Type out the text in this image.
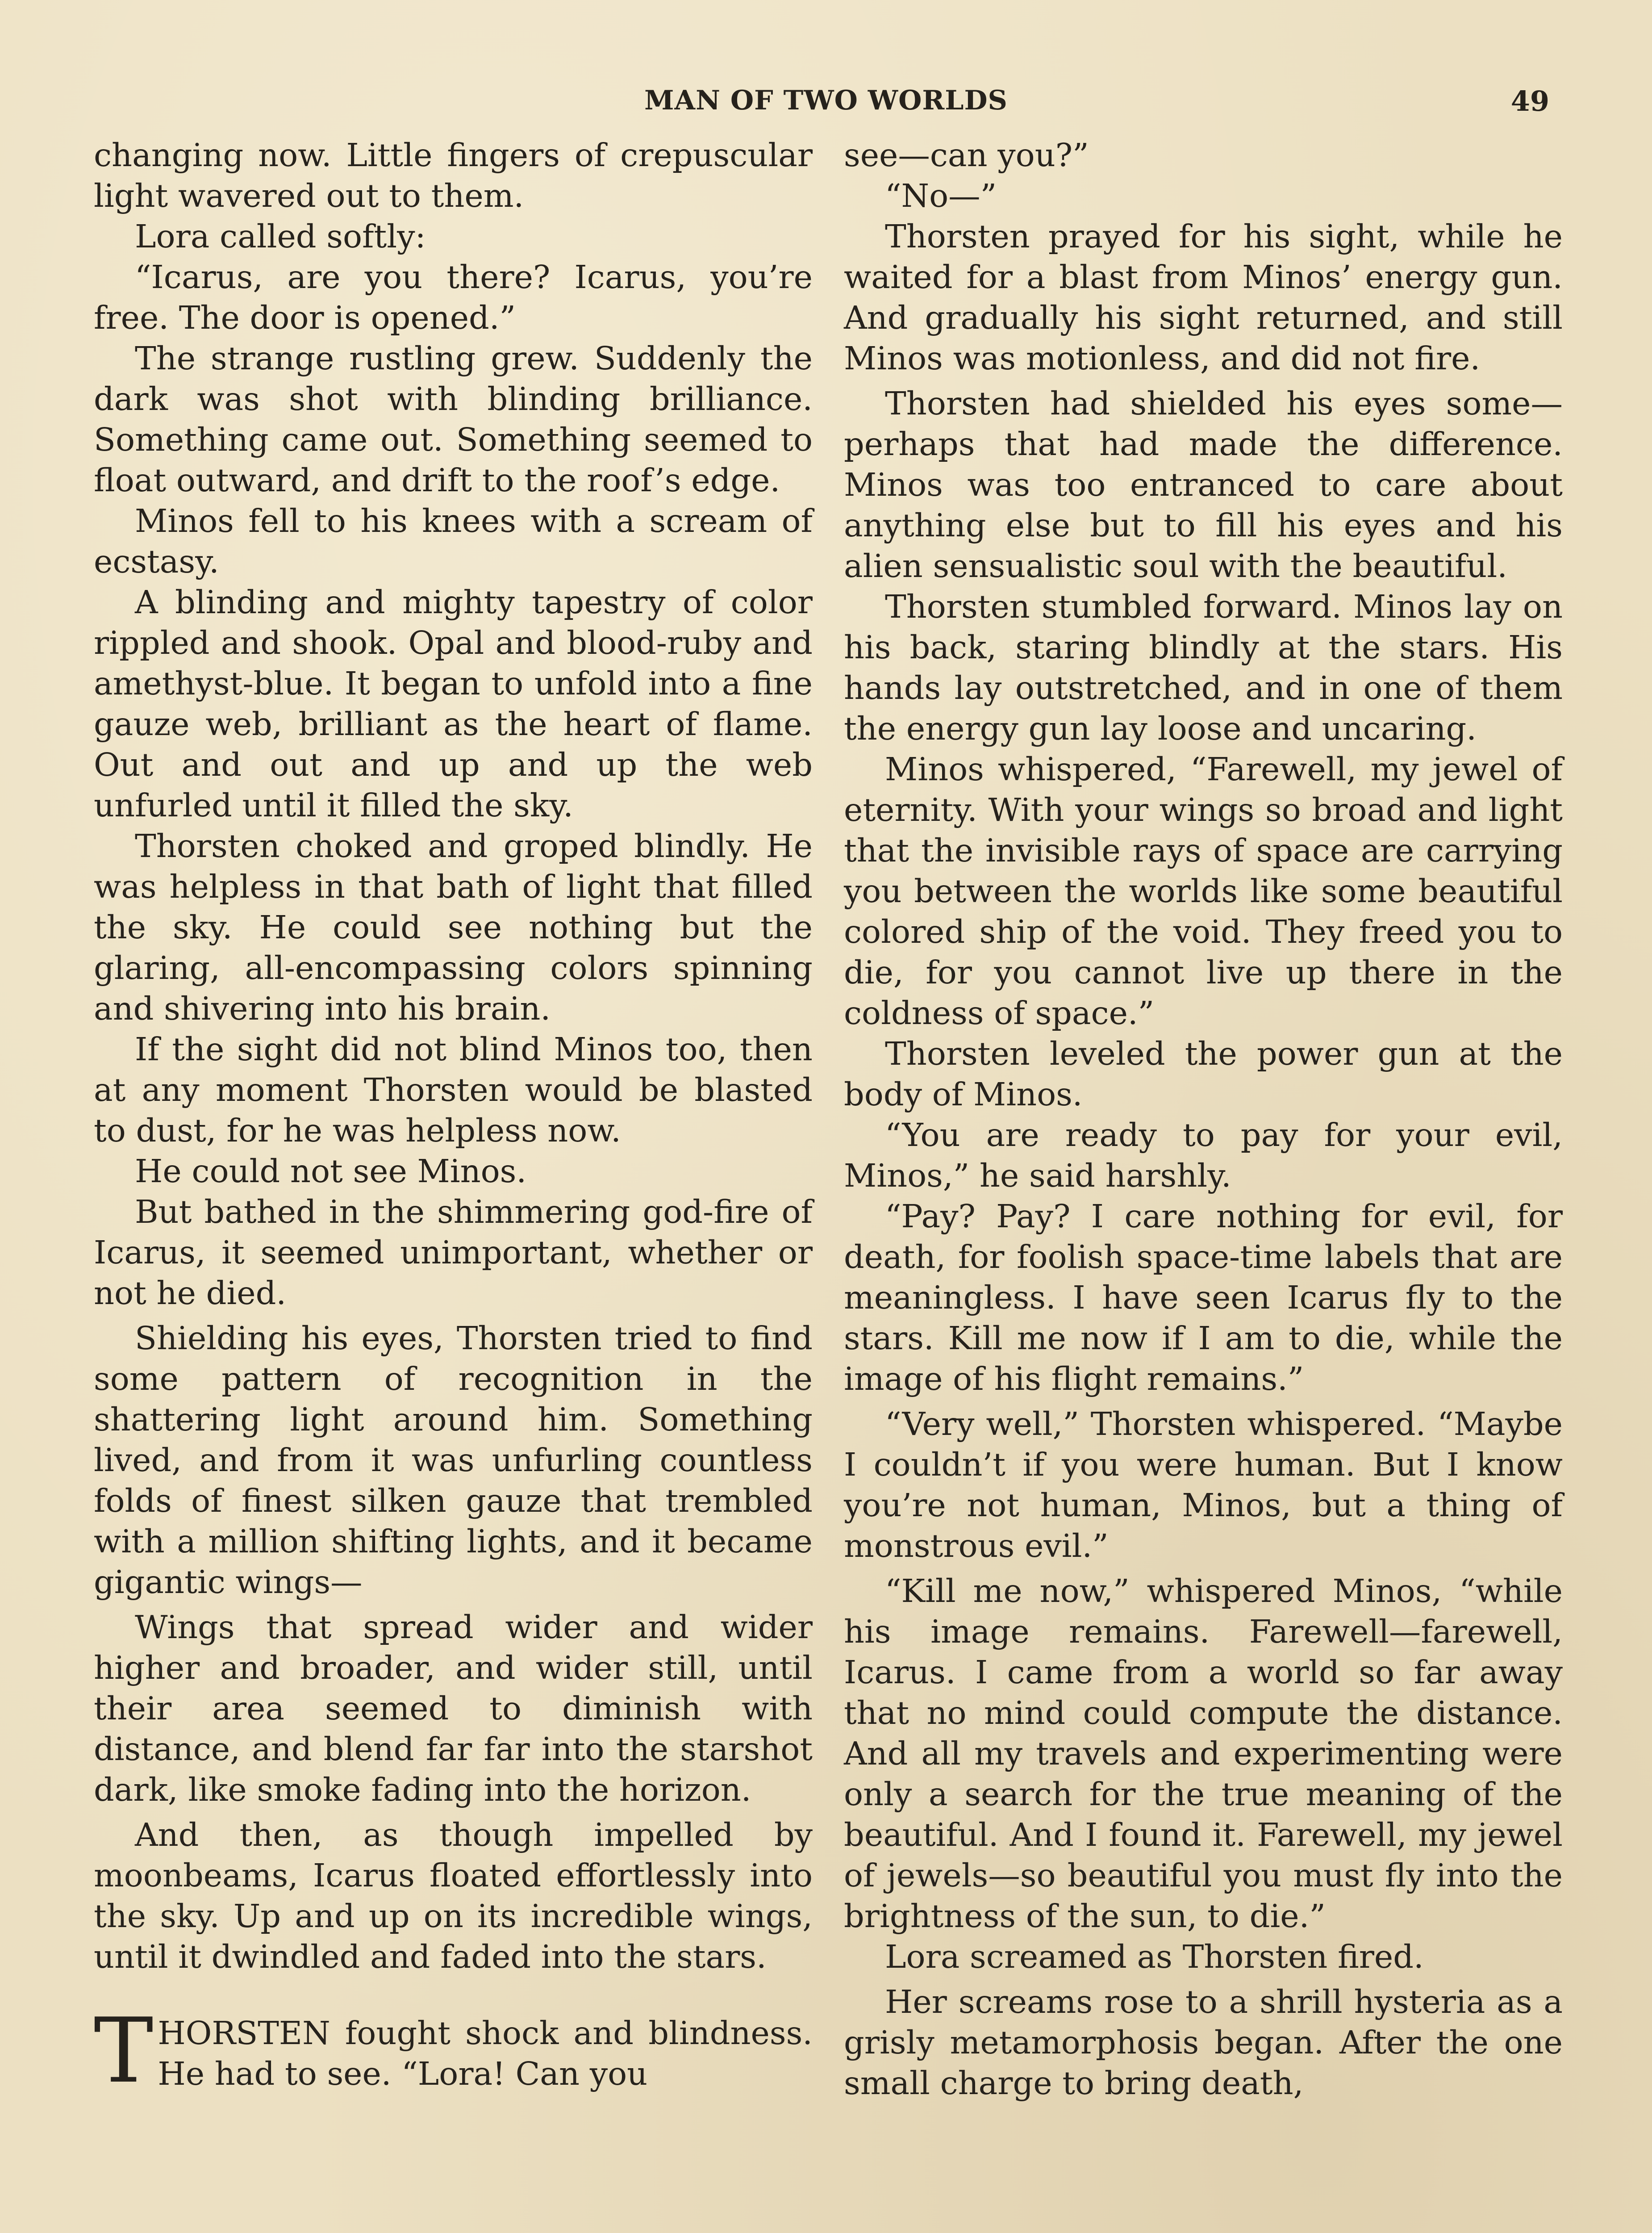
MAN OF TWO WORLDS	49

changing now. Little fingers of crepuscular light wavered out to them.

Lora called softly:

“Icarus, are you there? Icarus, you’re free. The door is opened.”

The strange rustling grew. Suddenly the dark was shot with blinding brilliance. Something came out. Something seemed to float outward, and drift to the roof’s edge.

Minos fell to his knees with a scream of ecstasy.

A blinding and mighty tapestry of color rippled and shook. Opal and blood-ruby and amethyst-blue. It began to unfold into a fine gauze web, brilliant as the heart of flame. Out and out and up and up the web unfurled until it filled the sky.

Thorsten choked and groped blindly. He was helpless in that bath of light that filled the sky. He could see nothing but the glaring, all-encompassing colors spinning and shivering into his brain.

If the sight did not blind Minos too, then at any moment Thorsten would be blasted to dust, for he was helpless now.

He could not see Minos.

But bathed in the shimmering god-fire of Icarus, it seemed unimportant, whether or not he died.

Shielding his eyes, Thorsten tried to find some pattern of recognition in the shattering light around him. Something lived, and from it was unfurling countless folds of finest silken gauze that trembled with a million shifting lights, and it became gigantic wings—

Wings that spread wider and wider higher and broader, and wider still, until their area seemed to diminish with distance, and blend far far into the starshot dark, like smoke fading into the horizon.

And then, as though impelled by moonbeams, Icarus floated effortlessly into the sky. Up and up on its incredible wings, until it dwindled and faded into the stars.

THORSTEN fought shock and blindness. He had to see. “Lora! Can you

see—can you?”

“No—”

Thorsten prayed for his sight, while he waited for a blast from Minos’ energy gun. And gradually his sight returned, and still Minos was motionless, and did not fire.

Thorsten had shielded his eyes some—perhaps that had made the difference. Minos was too entranced to care about anything else but to fill his eyes and his alien sensualistic soul with the beautiful.

Thorsten stumbled forward. Minos lay on his back, staring blindly at the stars. His hands lay outstretched, and in one of them the energy gun lay loose and uncaring.

Minos whispered, “Farewell, my jewel of eternity. With your wings so broad and light that the invisible rays of space are carrying you between the worlds like some beautiful colored ship of the void. They freed you to die, for you cannot live up there in the coldness of space.”

Thorsten leveled the power gun at the body of Minos.

“You are ready to pay for your evil, Minos,” he said harshly.

“Pay? Pay? I care nothing for evil, for death, for foolish space-time labels that are meaningless. I have seen Icarus fly to the stars. Kill me now if I am to die, while the image of his flight remains.”

“Very well,” Thorsten whispered. “Maybe I couldn’t if you were human. But I know you’re not human, Minos, but a thing of monstrous evil.”

“Kill me now,” whispered Minos, “while his image remains. Farewell—farewell, Icarus. I came from a world so far away that no mind could compute the distance. And all my travels and experimenting were only a search for the true meaning of the beautiful. And I found it. Farewell, my jewel of jewels—so beautiful you must fly into the brightness of the sun, to die.”

Lora screamed as Thorsten fired.

Her screams rose to a shrill hysteria as a grisly metamorphosis began. After the one small charge to bring death,
